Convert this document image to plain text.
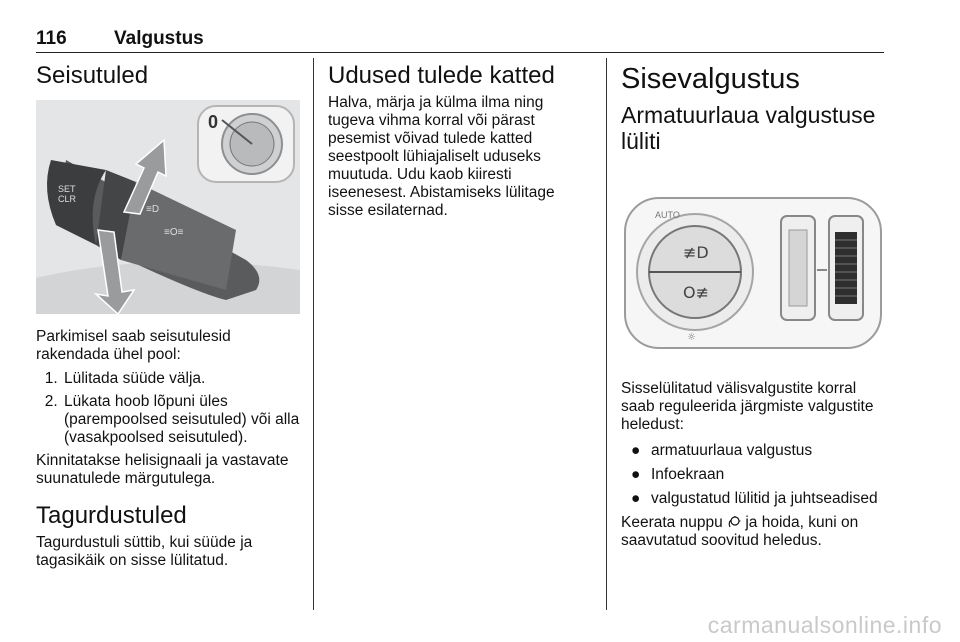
116 Valgustus
Seisutuled
SET
CLR
≡D
≡O≡
0

Parkimisel saab seisutulesid rakendada ühel pool:

1. Lülitada süüde välja.
2. Lükata hoob lõpuni üles (parempoolsed seisutuled) või alla (vasakpoolsed seisutuled).

Kinnitatakse helisignaali ja vastavate suunatulede märgutulega.

Tagurdustuled

Tagurdustuli süttib, kui süüde ja tagasikäik on sisse lülitatud.

Udused tulede katted

Halva, märja ja külma ilma ning tugeva vihma korral või pärast pesemist võivad tulede katted seestpoolt lühiajaliselt uduseks muutuda. Udu kaob kiiresti iseenesest. Abistamiseks lülitage sisse esilaternad.

Sisevalgustus
Armatuurlaua valgustuse lüliti
AUTO
≢D
O≢
☼

Sisselülitatud välisvalgustite korral saab reguleerida järgmiste valgustite heledust:

● armatuurlaua valgustus
● Infoekraan
● valgustatud lülitid ja juhtseadised

Keerata nuppu ja hoida, kuni on saavutatud soovitud heledus.

carmanualsonline.info
